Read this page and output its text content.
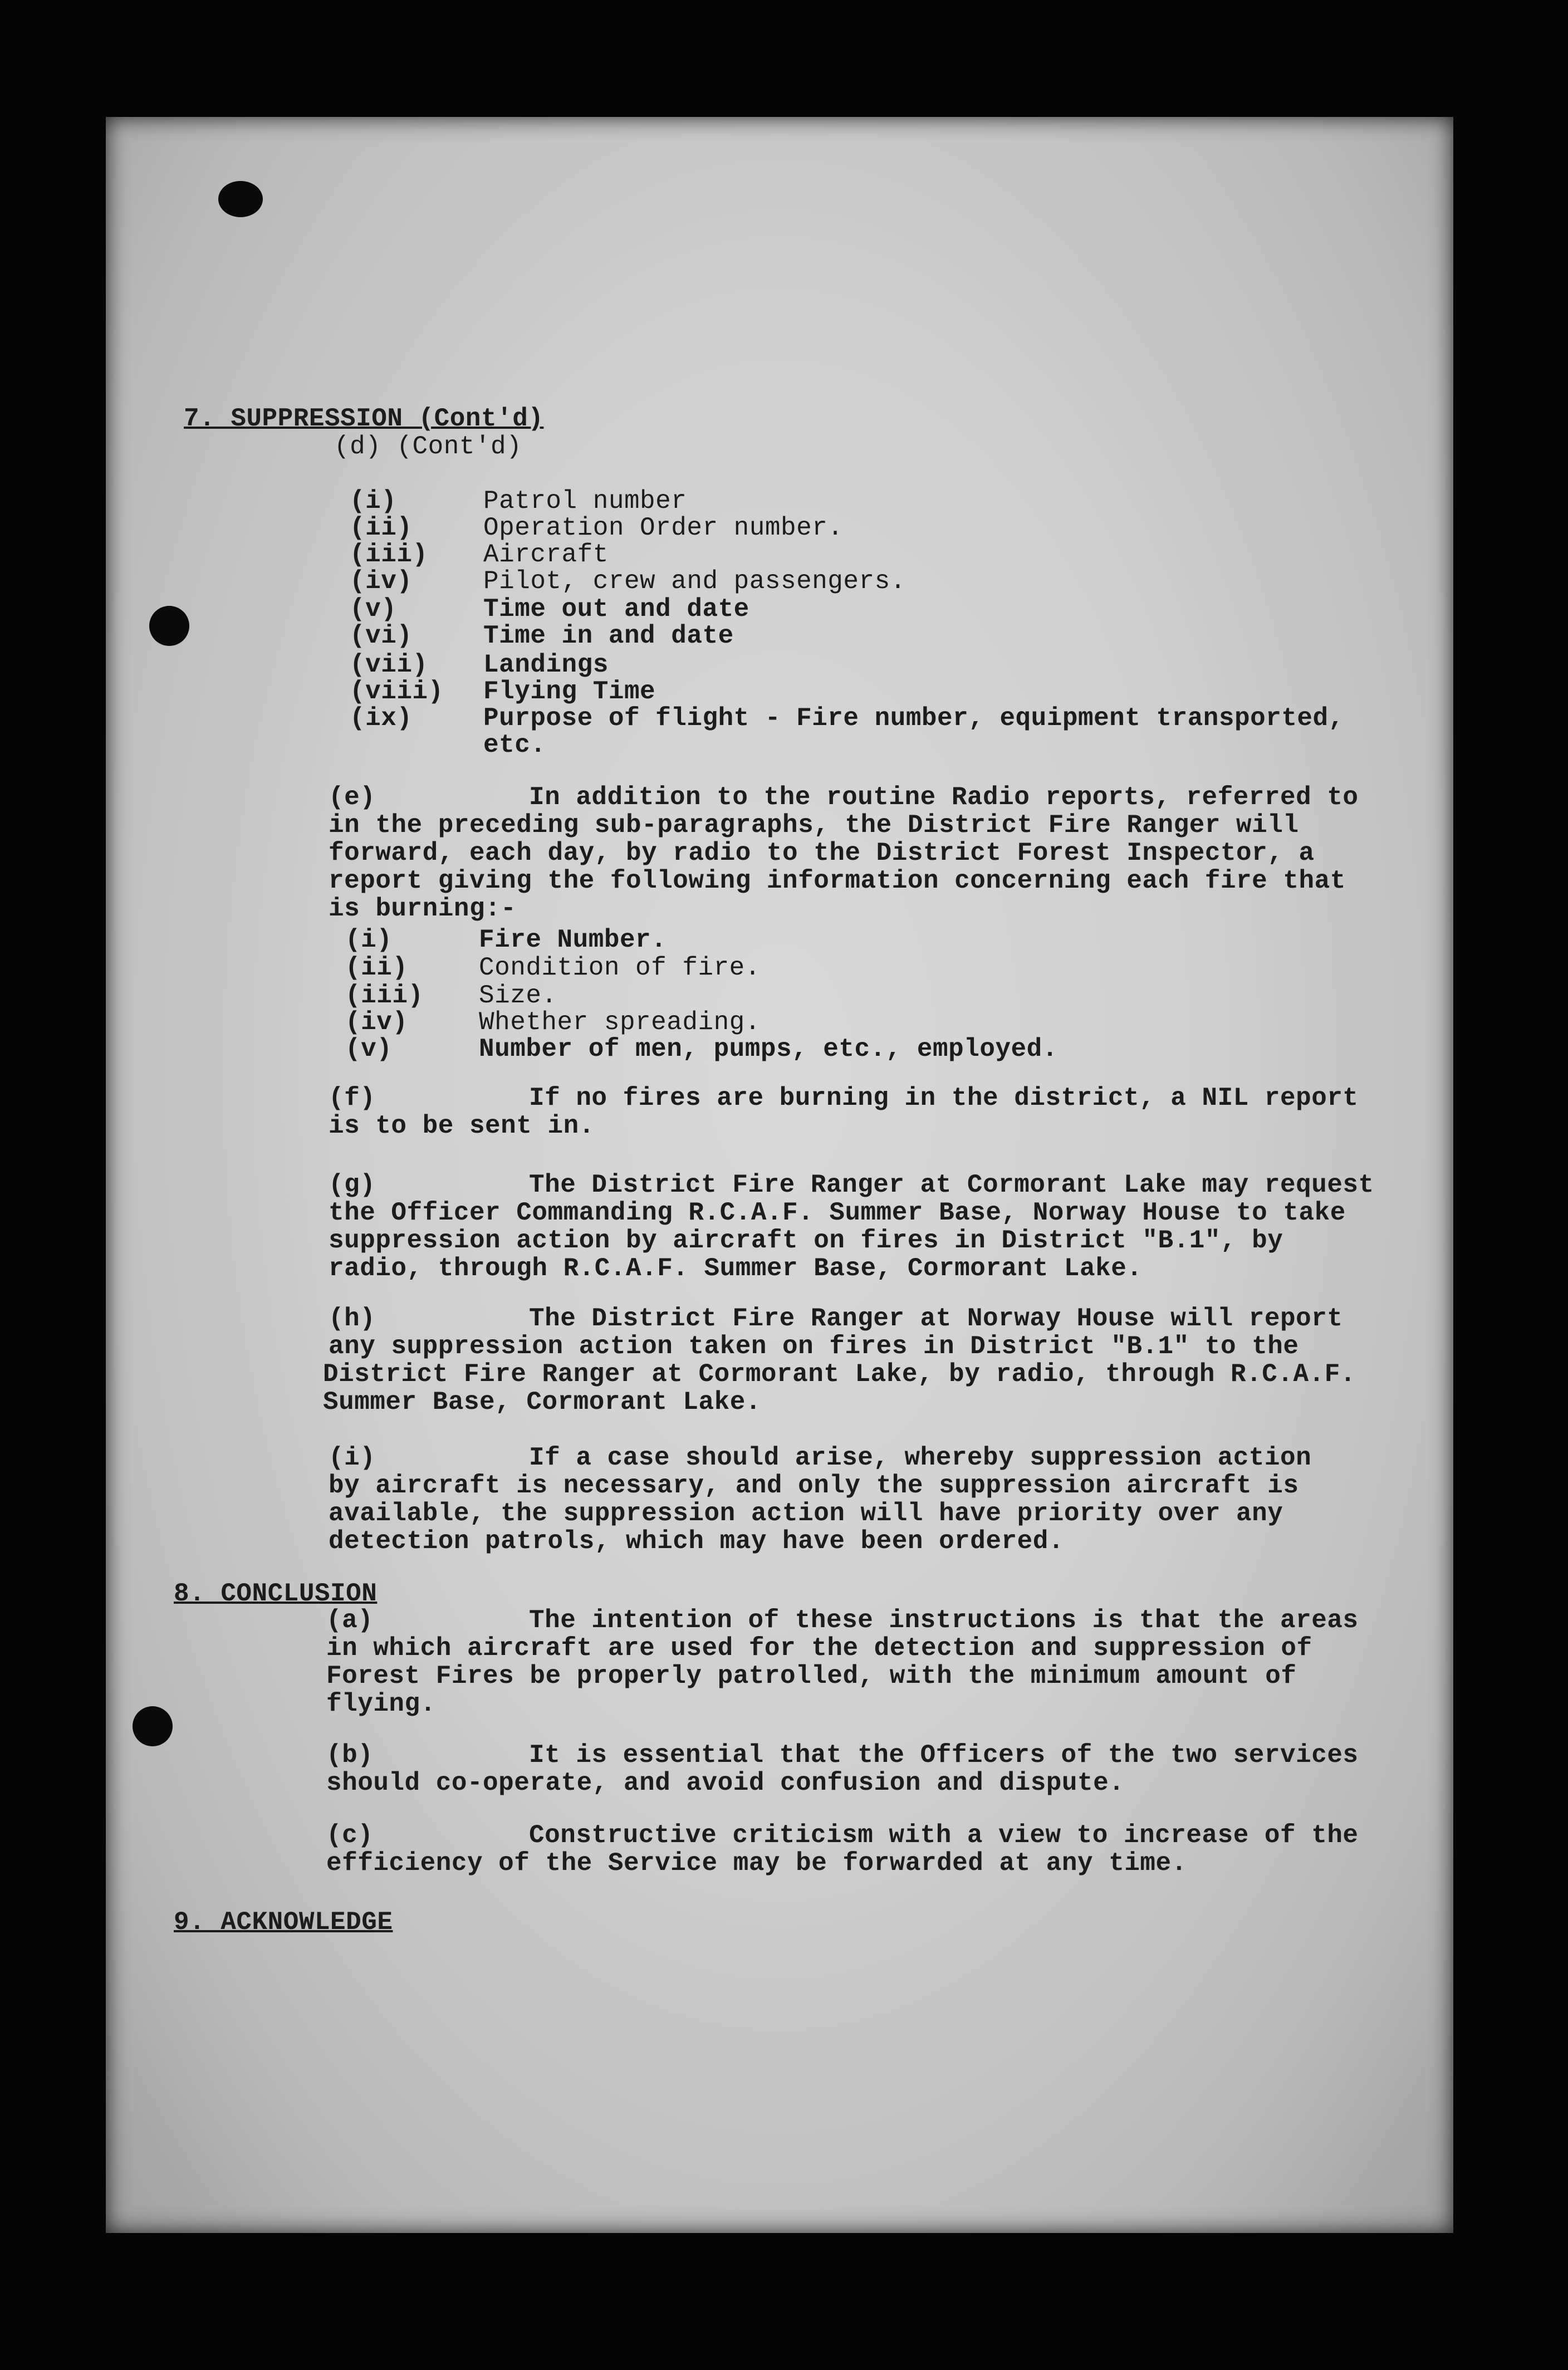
7. SUPPRESSION (Cont'd)
(d) (Cont'd)
(i)	Patrol number
(ii)	Operation Order number.
(iii) Aircraft
(iv)	Pilot, crew and passengers.
(v)	Time out and date
(vi)	Time in and date
(vii) Landings
(viii) Flying Time
(ix)	Purpose of flight - Fire number, equipment transported,
etc.
(e)	In addition to the routine Radio reports, referred to
in the preceding sub-paragraphs, the District Fire Ranger will
forward, each day, by radio to the District Forest Inspector, a
report giving the following information concerning each fire that
is burning:-
(i)	Fire Number.
(ii)	Condition of fire.
(iii) Size.
(iv)	Whether spreading.
(v)	Number of men, pumps, etc., employed.
(f)	If no fires are burning in the district, a NIL report
is to be sent in.
(g)	The District Fire Ranger at Cormorant Lake may request
the Officer Commanding R.C.A.F. Summer Base, Norway House to take
suppression action by aircraft on fires in District "B.1", by
radio, through R.C.A.F. Summer Base, Cormorant Lake.
(h)	The District Fire Ranger at Norway House will report
any suppression action taken on fires in District "B.1" to the
District Fire Ranger at Cormorant Lake, by radio, through R.C.A.F.
Summer Base, Cormorant Lake.
(i)	If a case should arise, whereby suppression action
by aircraft is necessary, and only the suppression aircraft is
available, the suppression action will have priority over any
detection patrols, which may have been ordered.
8. CONCLUSION
(a)	The intention of these instructions is that the areas
in which aircraft are used for the detection and suppression of
Forest Fires be properly patrolled, with the minimum amount of
flying.
(b)	It is essential that the Officers of the two services
should co-operate, and avoid confusion and dispute.
(c)	Constructive criticism with a view to increase of the
efficiency of the Service may be forwarded at any time.
9. ACKNOWLEDGE
